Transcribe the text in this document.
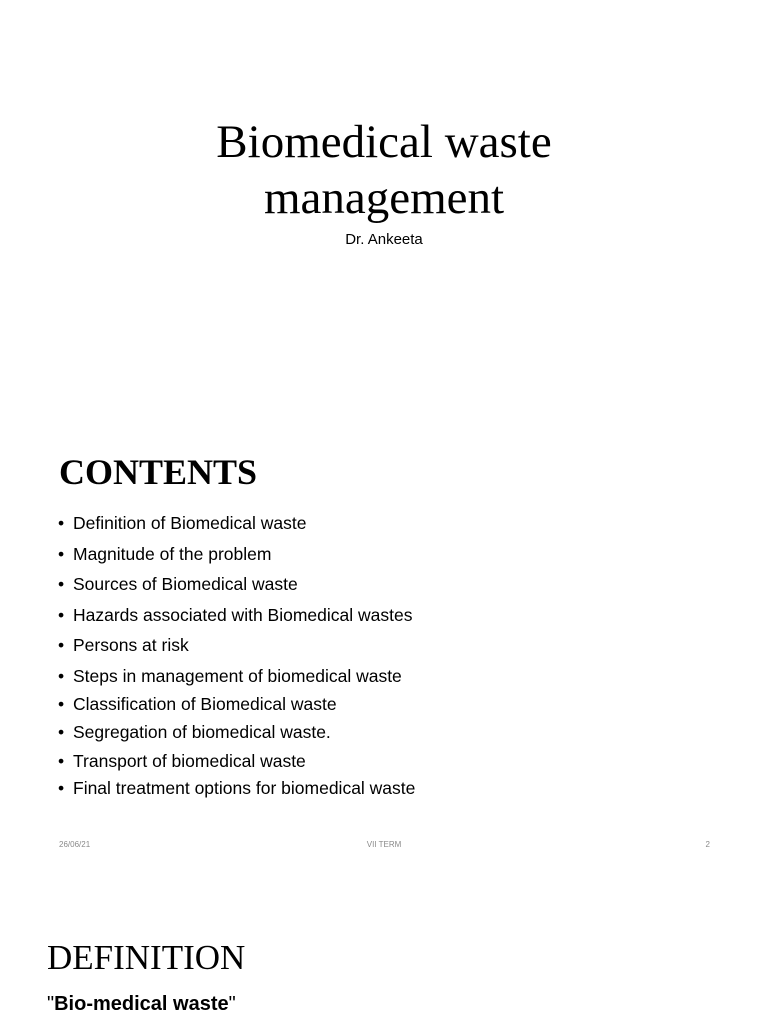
Biomedical waste
management
Dr. Ankeeta
CONTENTS
• Definition of Biomedical waste
• Magnitude of the problem
• Sources of Biomedical waste
• Hazards associated with Biomedical wastes
• Persons at risk
• Steps in management of biomedical waste
• Classification of Biomedical waste
• Segregation of biomedical waste.
• Transport of biomedical waste
• Final treatment options for biomedical waste
26/06/21	VII TERM	2
DEFINITION
"Bio-medical waste"
